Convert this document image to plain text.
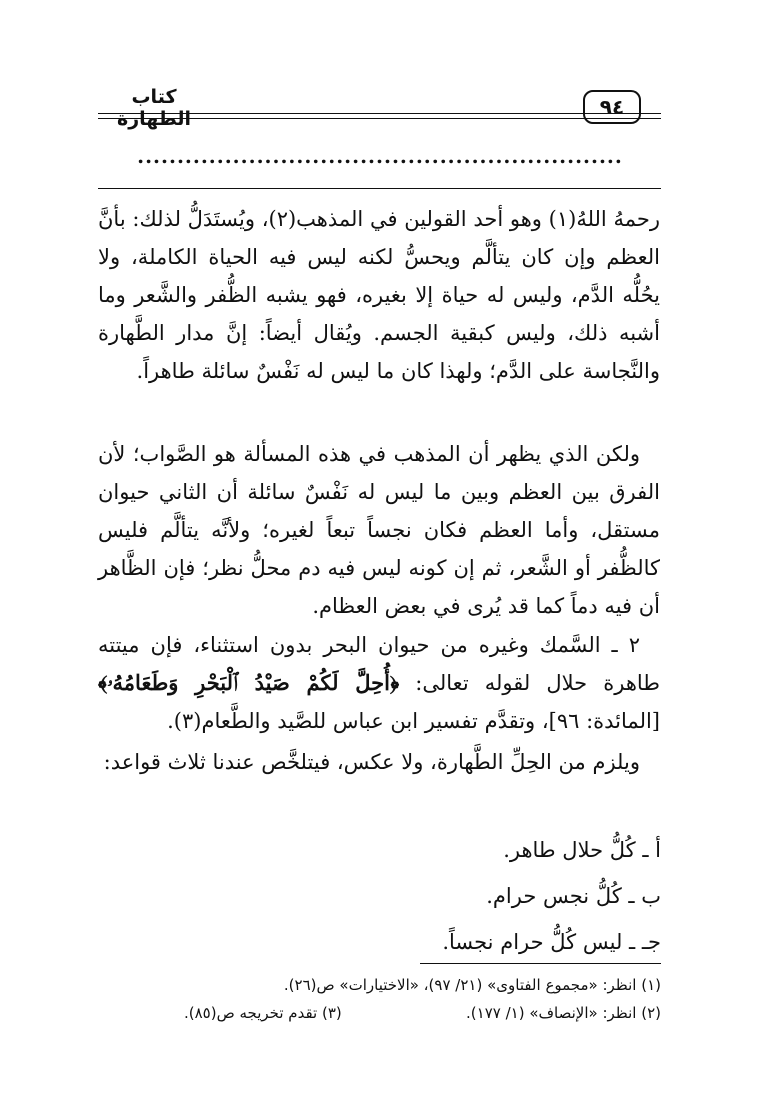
٩٤
كتاب الطهارة
.............................................................
رحمهُ اللهُ(١) وهو أحد القولين في المذهب(٢)، ويُستَدَلُّ لذلك: بأنَّ العظم وإن كان يتألَّم ويحسُّ لكنه ليس فيه الحياة الكاملة، ولا يحُلُّه الدَّم، وليس له حياة إلا بغيره، فهو يشبه الظُّفر والشَّعر وما أشبه ذلك، وليس كبقية الجسم. ويُقال أيضاً: إنَّ مدار الطَّهارة والنَّجاسة على الدَّم؛ ولهذا كان ما ليس له نَفْسٌ سائلة طاهراً.
ولكن الذي يظهر أن المذهب في هذه المسألة هو الصَّواب؛ لأن الفرق بين العظم وبين ما ليس له نَفْسٌ سائلة أن الثاني حيوان مستقل، وأما العظم فكان نجساً تبعاً لغيره؛ ولأنَّه يتألَّم فليس كالظُّفر أو الشَّعر، ثم إن كونه ليس فيه دم محلُّ نظر؛ فإن الظَّاهر أن فيه دماً كما قد يُرى في بعض العظام.
٢ ـ السَّمك وغيره من حيوان البحر بدون استثناء، فإن ميتته طاهرة حلال لقوله تعالى: ﴿أُحِلَّ لَكُمْ صَيْدُ ٱلْبَحْرِ وَطَعَامُهُۥ﴾ [المائدة: ٩٦]، وتقدَّم تفسير ابن عباس للصَّيد والطَّعام(٣).
ويلزم من الحِلِّ الطَّهارة، ولا عكس، فيتلخَّص عندنا ثلاث قواعد:
أ ـ كُلُّ حلال طاهر.
ب ـ كُلُّ نجس حرام.
جـ ـ ليس كُلُّ حرام نجساً.
(١) انظر: «مجموع الفتاوى» (٢١/ ٩٧)، «الاختيارات» ص(٢٦).
(٢) انظر: «الإنصاف» (١/ ١٧٧).
(٣) تقدم تخريجه ص(٨٥).
